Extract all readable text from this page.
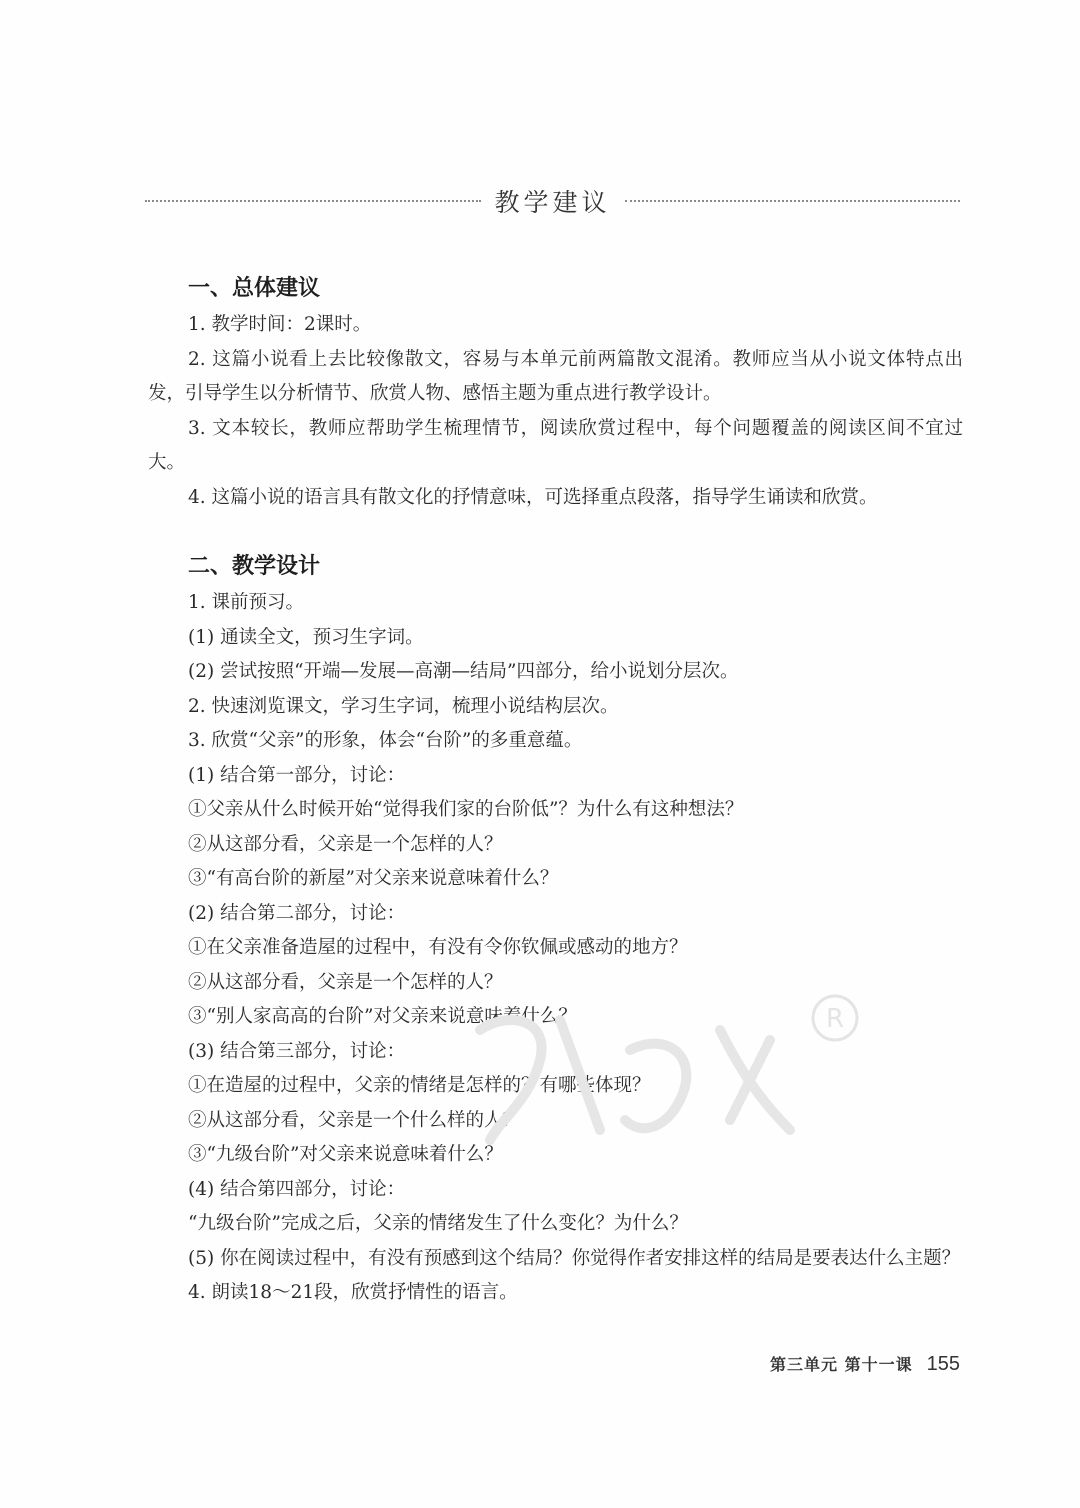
教学建议
一、总体建议

1. 教学时间：2课时。

2. 这篇小说看上去比较像散文，容易与本单元前两篇散文混淆。教师应当从小说文体特点出发，引导学生以分析情节、欣赏人物、感悟主题为重点进行教学设计。

3. 文本较长，教师应帮助学生梳理情节，阅读欣赏过程中，每个问题覆盖的阅读区间不宜过大。

4. 这篇小说的语言具有散文化的抒情意味，可选择重点段落，指导学生诵读和欣赏。

二、教学设计

1. 课前预习。

(1) 通读全文，预习生字词。

(2) 尝试按照“开端—发展—高潮—结局”四部分，给小说划分层次。

2. 快速浏览课文，学习生字词，梳理小说结构层次。

3. 欣赏“父亲”的形象，体会“台阶”的多重意蕴。

(1) 结合第一部分，讨论：

①父亲从什么时候开始“觉得我们家的台阶低”？为什么有这种想法？

②从这部分看，父亲是一个怎样的人？

③“有高台阶的新屋”对父亲来说意味着什么？

(2) 结合第二部分，讨论：

①在父亲准备造屋的过程中，有没有令你钦佩或感动的地方？

②从这部分看，父亲是一个怎样的人？

③“别人家高高的台阶”对父亲来说意味着什么？

(3) 结合第三部分，讨论：

①在造屋的过程中，父亲的情绪是怎样的？有哪些体现？

②从这部分看，父亲是一个什么样的人？

③“九级台阶”对父亲来说意味着什么？

(4) 结合第四部分，讨论：

“九级台阶”完成之后，父亲的情绪发生了什么变化？为什么？

(5) 你在阅读过程中，有没有预感到这个结局？你觉得作者安排这样的结局是要表达什么主题？

4. 朗读18～21段，欣赏抒情性的语言。

R
第三单元 第十一课 155
